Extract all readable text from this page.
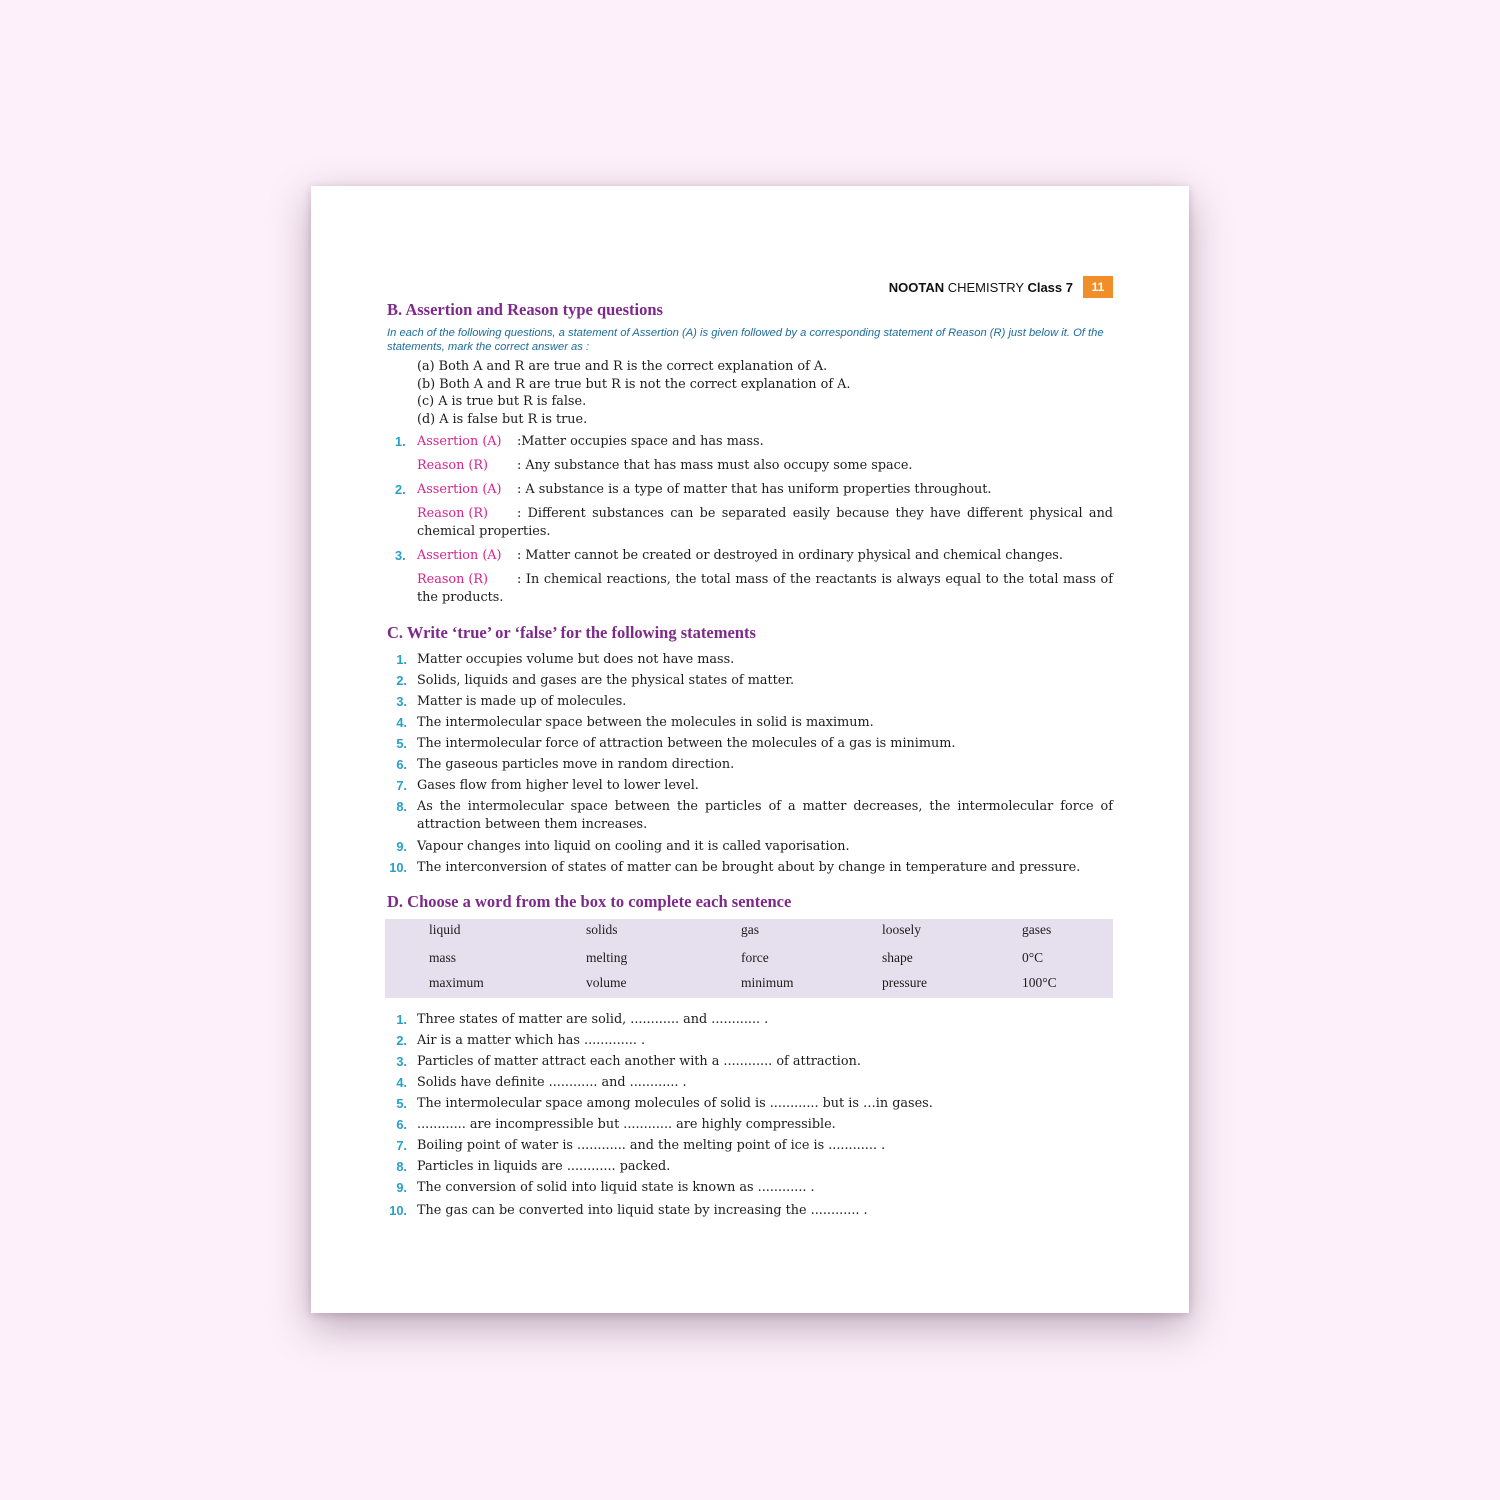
NOOTAN CHEMISTRY Class 7	11
B. Assertion and Reason type questions
In each of the following questions, a statement of Assertion (A) is given followed by a corresponding statement of Reason (R) just below it. Of the statements, mark the correct answer as :
(a) Both A and R are true and R is the correct explanation of A.
(b) Both A and R are true but R is not the correct explanation of A.
(c) A is true but R is false.
(d) A is false but R is true.
1. Assertion (A) :Matter occupies space and has mass.
Reason (R) : Any substance that has mass must also occupy some space.
2. Assertion (A) : A substance is a type of matter that has uniform properties throughout.
Reason (R) : Different substances can be separated easily because they have different physical and chemical properties.
3. Assertion (A) : Matter cannot be created or destroyed in ordinary physical and chemical changes.
Reason (R) : In chemical reactions, the total mass of the reactants is always equal to the total mass of the products.
C. Write ‘true’ or ‘false’ for the following statements
1. Matter occupies volume but does not have mass.
2. Solids, liquids and gases are the physical states of matter.
3. Matter is made up of molecules.
4. The intermolecular space between the molecules in solid is maximum.
5. The intermolecular force of attraction between the molecules of a gas is minimum.
6. The gaseous particles move in random direction.
7. Gases flow from higher level to lower level.
8. As the intermolecular space between the particles of a matter decreases, the intermolecular force of attraction between them increases.
9. Vapour changes into liquid on cooling and it is called vaporisation.
10. The interconversion of states of matter can be brought about by change in temperature and pressure.
D. Choose a word from the box to complete each sentence
liquid	solids	gas	loosely	gases
mass	melting	force	shape	0°C
maximum	volume	minimum	pressure	100°C
1. Three states of matter are solid, ............ and ............ .
2. Air is a matter which has ............. .
3. Particles of matter attract each another with a ............ of attraction.
4. Solids have definite ............ and ............ .
5. The intermolecular space among molecules of solid is ............ but is …in gases.
6. ............ are incompressible but ............ are highly compressible.
7. Boiling point of water is ............ and the melting point of ice is ............ .
8. Particles in liquids are ............ packed.
9. The conversion of solid into liquid state is known as ............ .
10. The gas can be converted into liquid state by increasing the ............ .
